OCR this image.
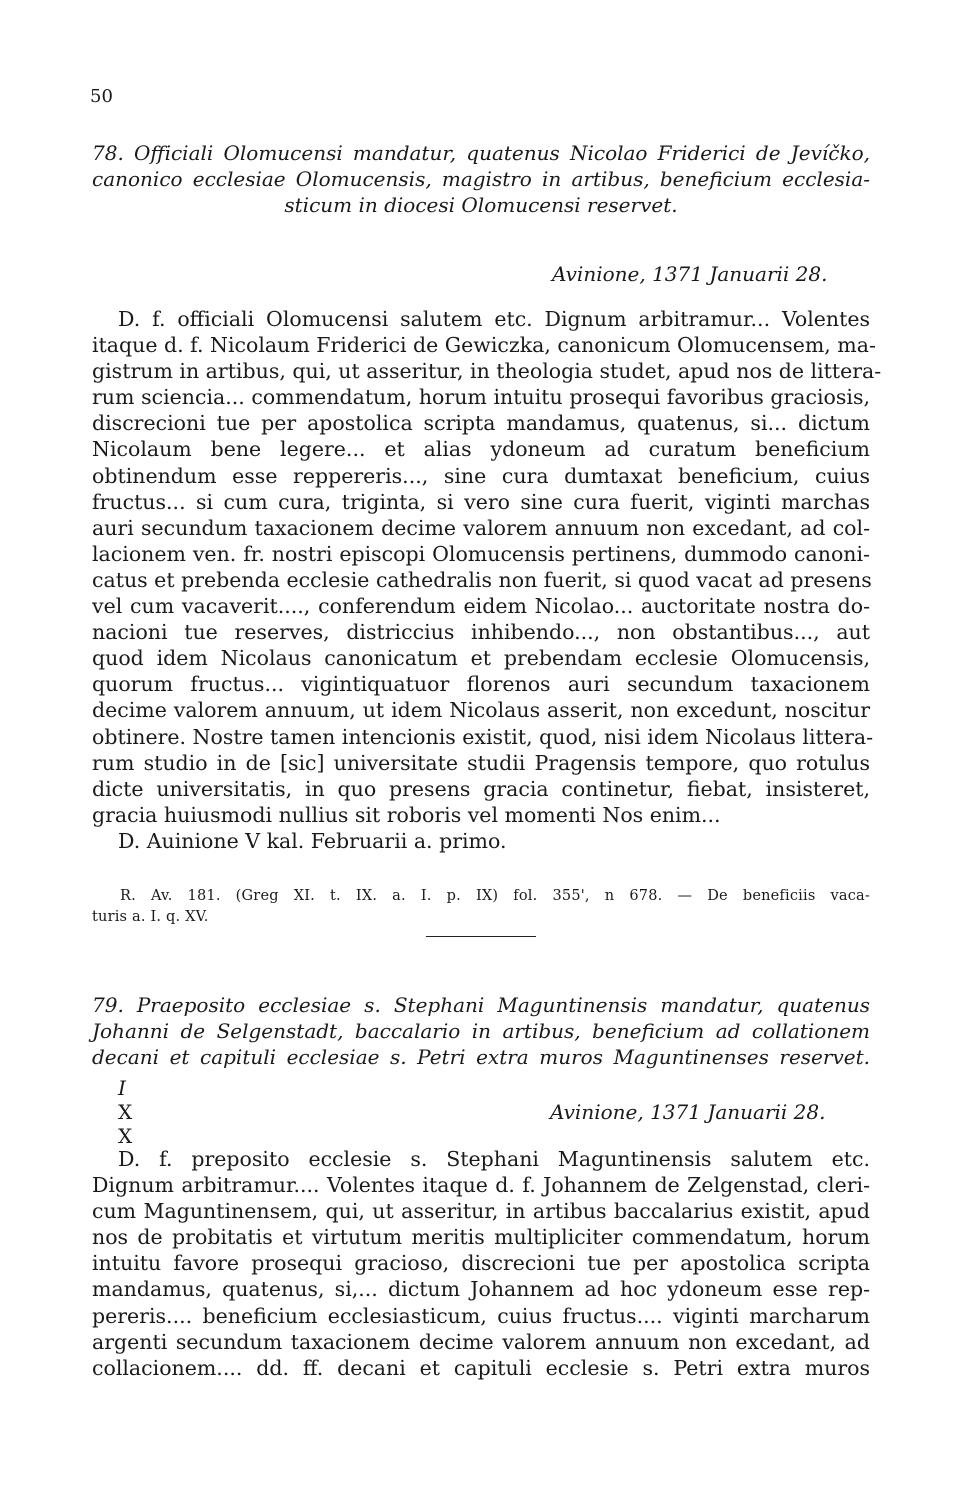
50
78. Officiali Olomucensi mandatur, quatenus Nicolao Friderici de Jevíčko,
canonico ecclesiae Olomucensis, magistro in artibus, beneficium ecclesia-
sticum in diocesi Olomucensi reservet.
Avinione, 1371 Januarii 28.
D. f. officiali Olomucensi salutem etc. Dignum arbitramur... Volentes
itaque d. f. Nicolaum Friderici de Gewiczka, canonicum Olomucensem, ma-
gistrum in artibus, qui, ut asseritur, in theologia studet, apud nos de littera-
rum sciencia... commendatum, horum intuitu prosequi favoribus graciosis,
discrecioni tue per apostolica scripta mandamus, quatenus, si... dictum
Nicolaum bene legere... et alias ydoneum ad curatum beneficium
obtinendum esse reppereris..., sine cura dumtaxat beneficium, cuius
fructus... si cum cura, triginta, si vero sine cura fuerit, viginti marchas
auri secundum taxacionem decime valorem annuum non excedant, ad col-
lacionem ven. fr. nostri episcopi Olomucensis pertinens, dummodo canoni-
catus et prebenda ecclesie cathedralis non fuerit, si quod vacat ad presens
vel cum vacaverit...., conferendum eidem Nicolao... auctoritate nostra do-
nacioni tue reserves, districcius inhibendo..., non obstantibus..., aut
quod idem Nicolaus canonicatum et prebendam ecclesie Olomucensis,
quorum fructus... vigintiquatuor florenos auri secundum taxacionem
decime valorem annuum, ut idem Nicolaus asserit, non excedunt, noscitur
obtinere. Nostre tamen intencionis existit, quod, nisi idem Nicolaus littera-
rum studio in de [sic] universitate studii Pragensis tempore, quo rotulus
dicte universitatis, in quo presens gracia continetur, fiebat, insisteret,
gracia huiusmodi nullius sit roboris vel momenti Nos enim...
D. Auinione V kal. Februarii a. primo.
R. Av. 181. (Greg XI. t. IX. a. I. p. IX) fol. 355', n 678. — De beneficiis vaca-
turis a. I. q. XV.
79. Praeposito ecclesiae s. Stephani Maguntinensis mandatur, quatenus
Johanni de Selgenstadt, baccalario in artibus, beneficium ad collationem
decani et capituli ecclesiae s. Petri extra muros Maguntinenses reservet.
I
X
X
Avinione, 1371 Januarii 28.
D. f. preposito ecclesie s. Stephani Maguntinensis salutem etc.
Dignum arbitramur.... Volentes itaque d. f. Johannem de Zelgenstad, cleri-
cum Maguntinensem, qui, ut asseritur, in artibus baccalarius existit, apud
nos de probitatis et virtutum meritis multipliciter commendatum, horum
intuitu favore prosequi gracioso, discrecioni tue per apostolica scripta
mandamus, quatenus, si,... dictum Johannem ad hoc ydoneum esse rep-
pereris.... beneficium ecclesiasticum, cuius fructus.... viginti marcharum
argenti secundum taxacionem decime valorem annuum non excedant, ad
collacionem.... dd. ff. decani et capituli ecclesie s. Petri extra muros
